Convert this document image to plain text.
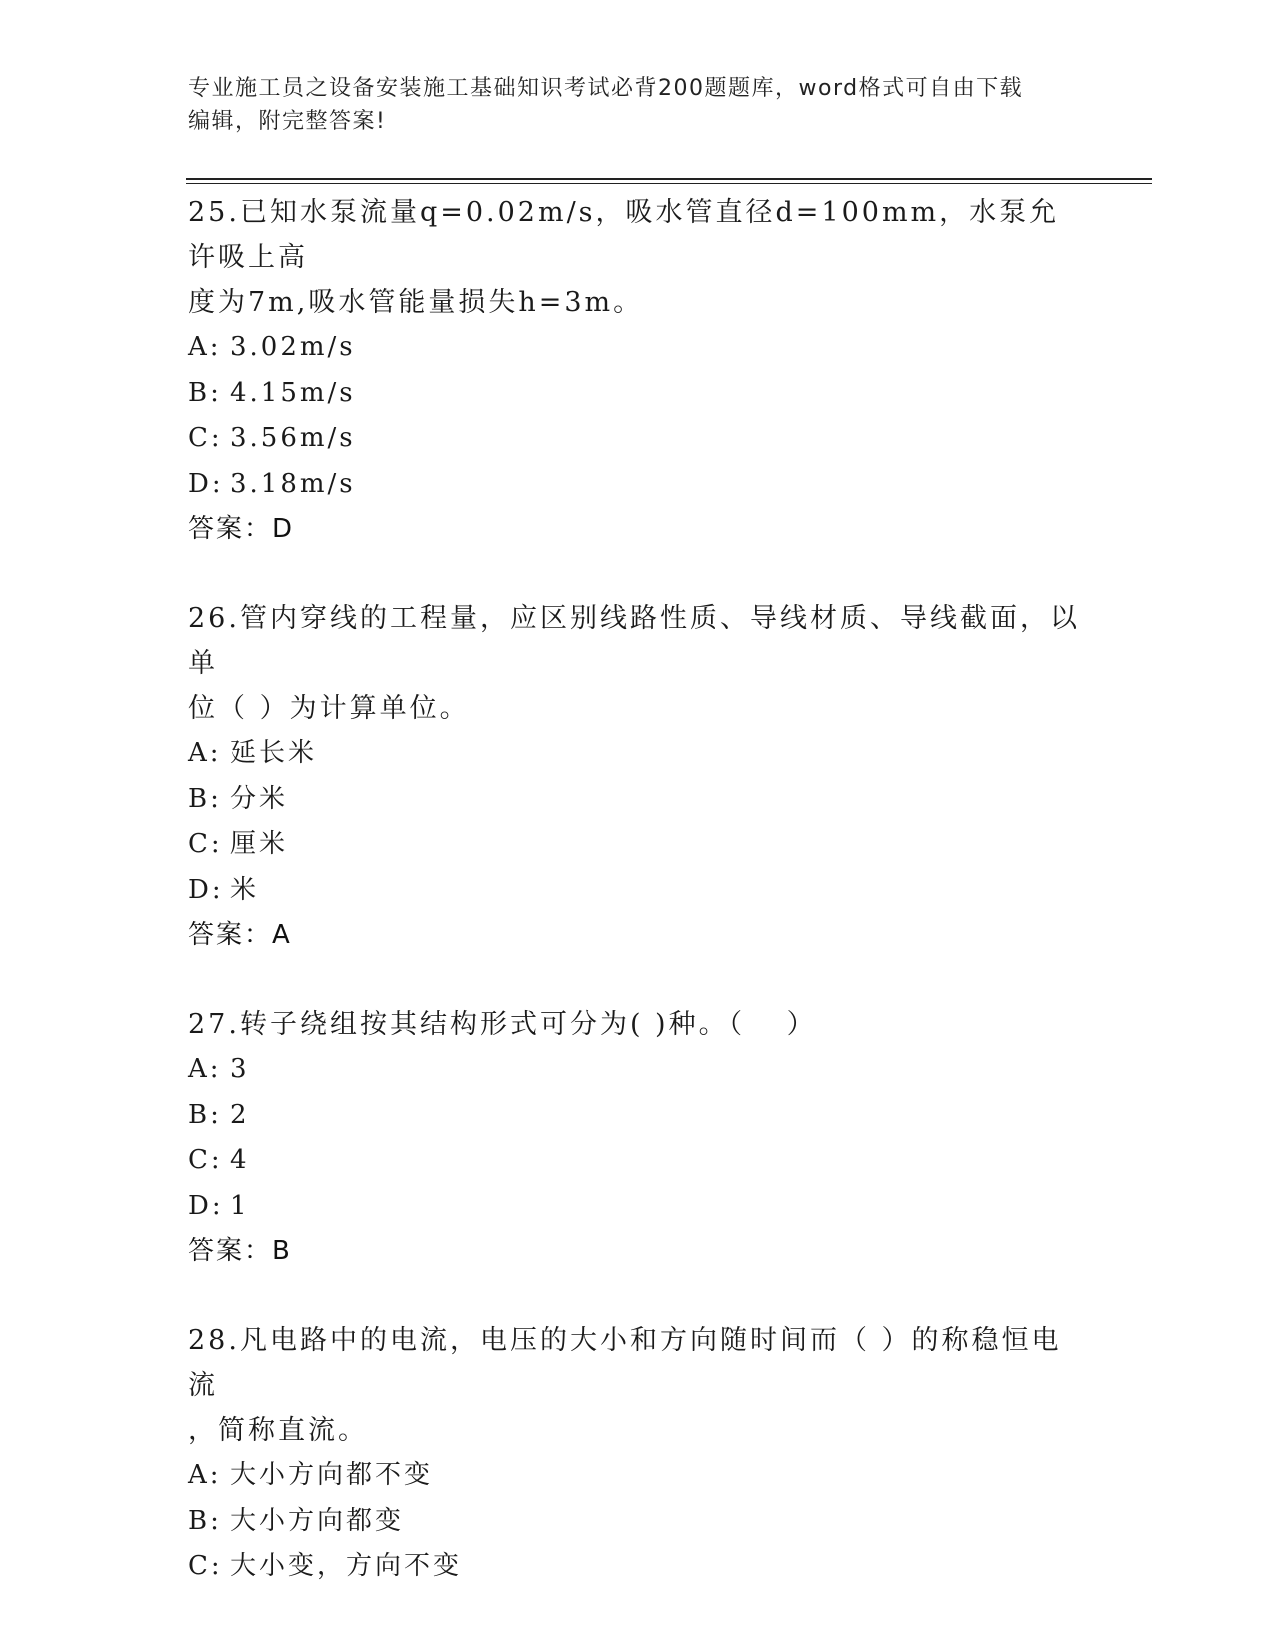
专业施工员之设备安装施工基础知识考试必背200题题库，word格式可自由下载
编辑，附完整答案!

25.已知水泵流量q=0.02m/s，吸水管直径d=100mm，水泵允许吸上高

度为7m,吸水管能量损失h=3m。

A: 3.02m/s

B: 4.15m/s

C: 3.56m/s

D: 3.18m/s

答案：D

26.管内穿线的工程量，应区别线路性质、导线材质、导线截面，以单

位（ ）为计算单位。

A: 延长米

B: 分米

C: 厘米

D: 米

答案：A

27.转子绕组按其结构形式可分为( )种。（　 ）

A: 3

B: 2

C: 4

D: 1

答案：B

28.凡电路中的电流，电压的大小和方向随时间而（ ）的称稳恒电流

，简称直流。

A: 大小方向都不变

B: 大小方向都变

C: 大小变，方向不变
